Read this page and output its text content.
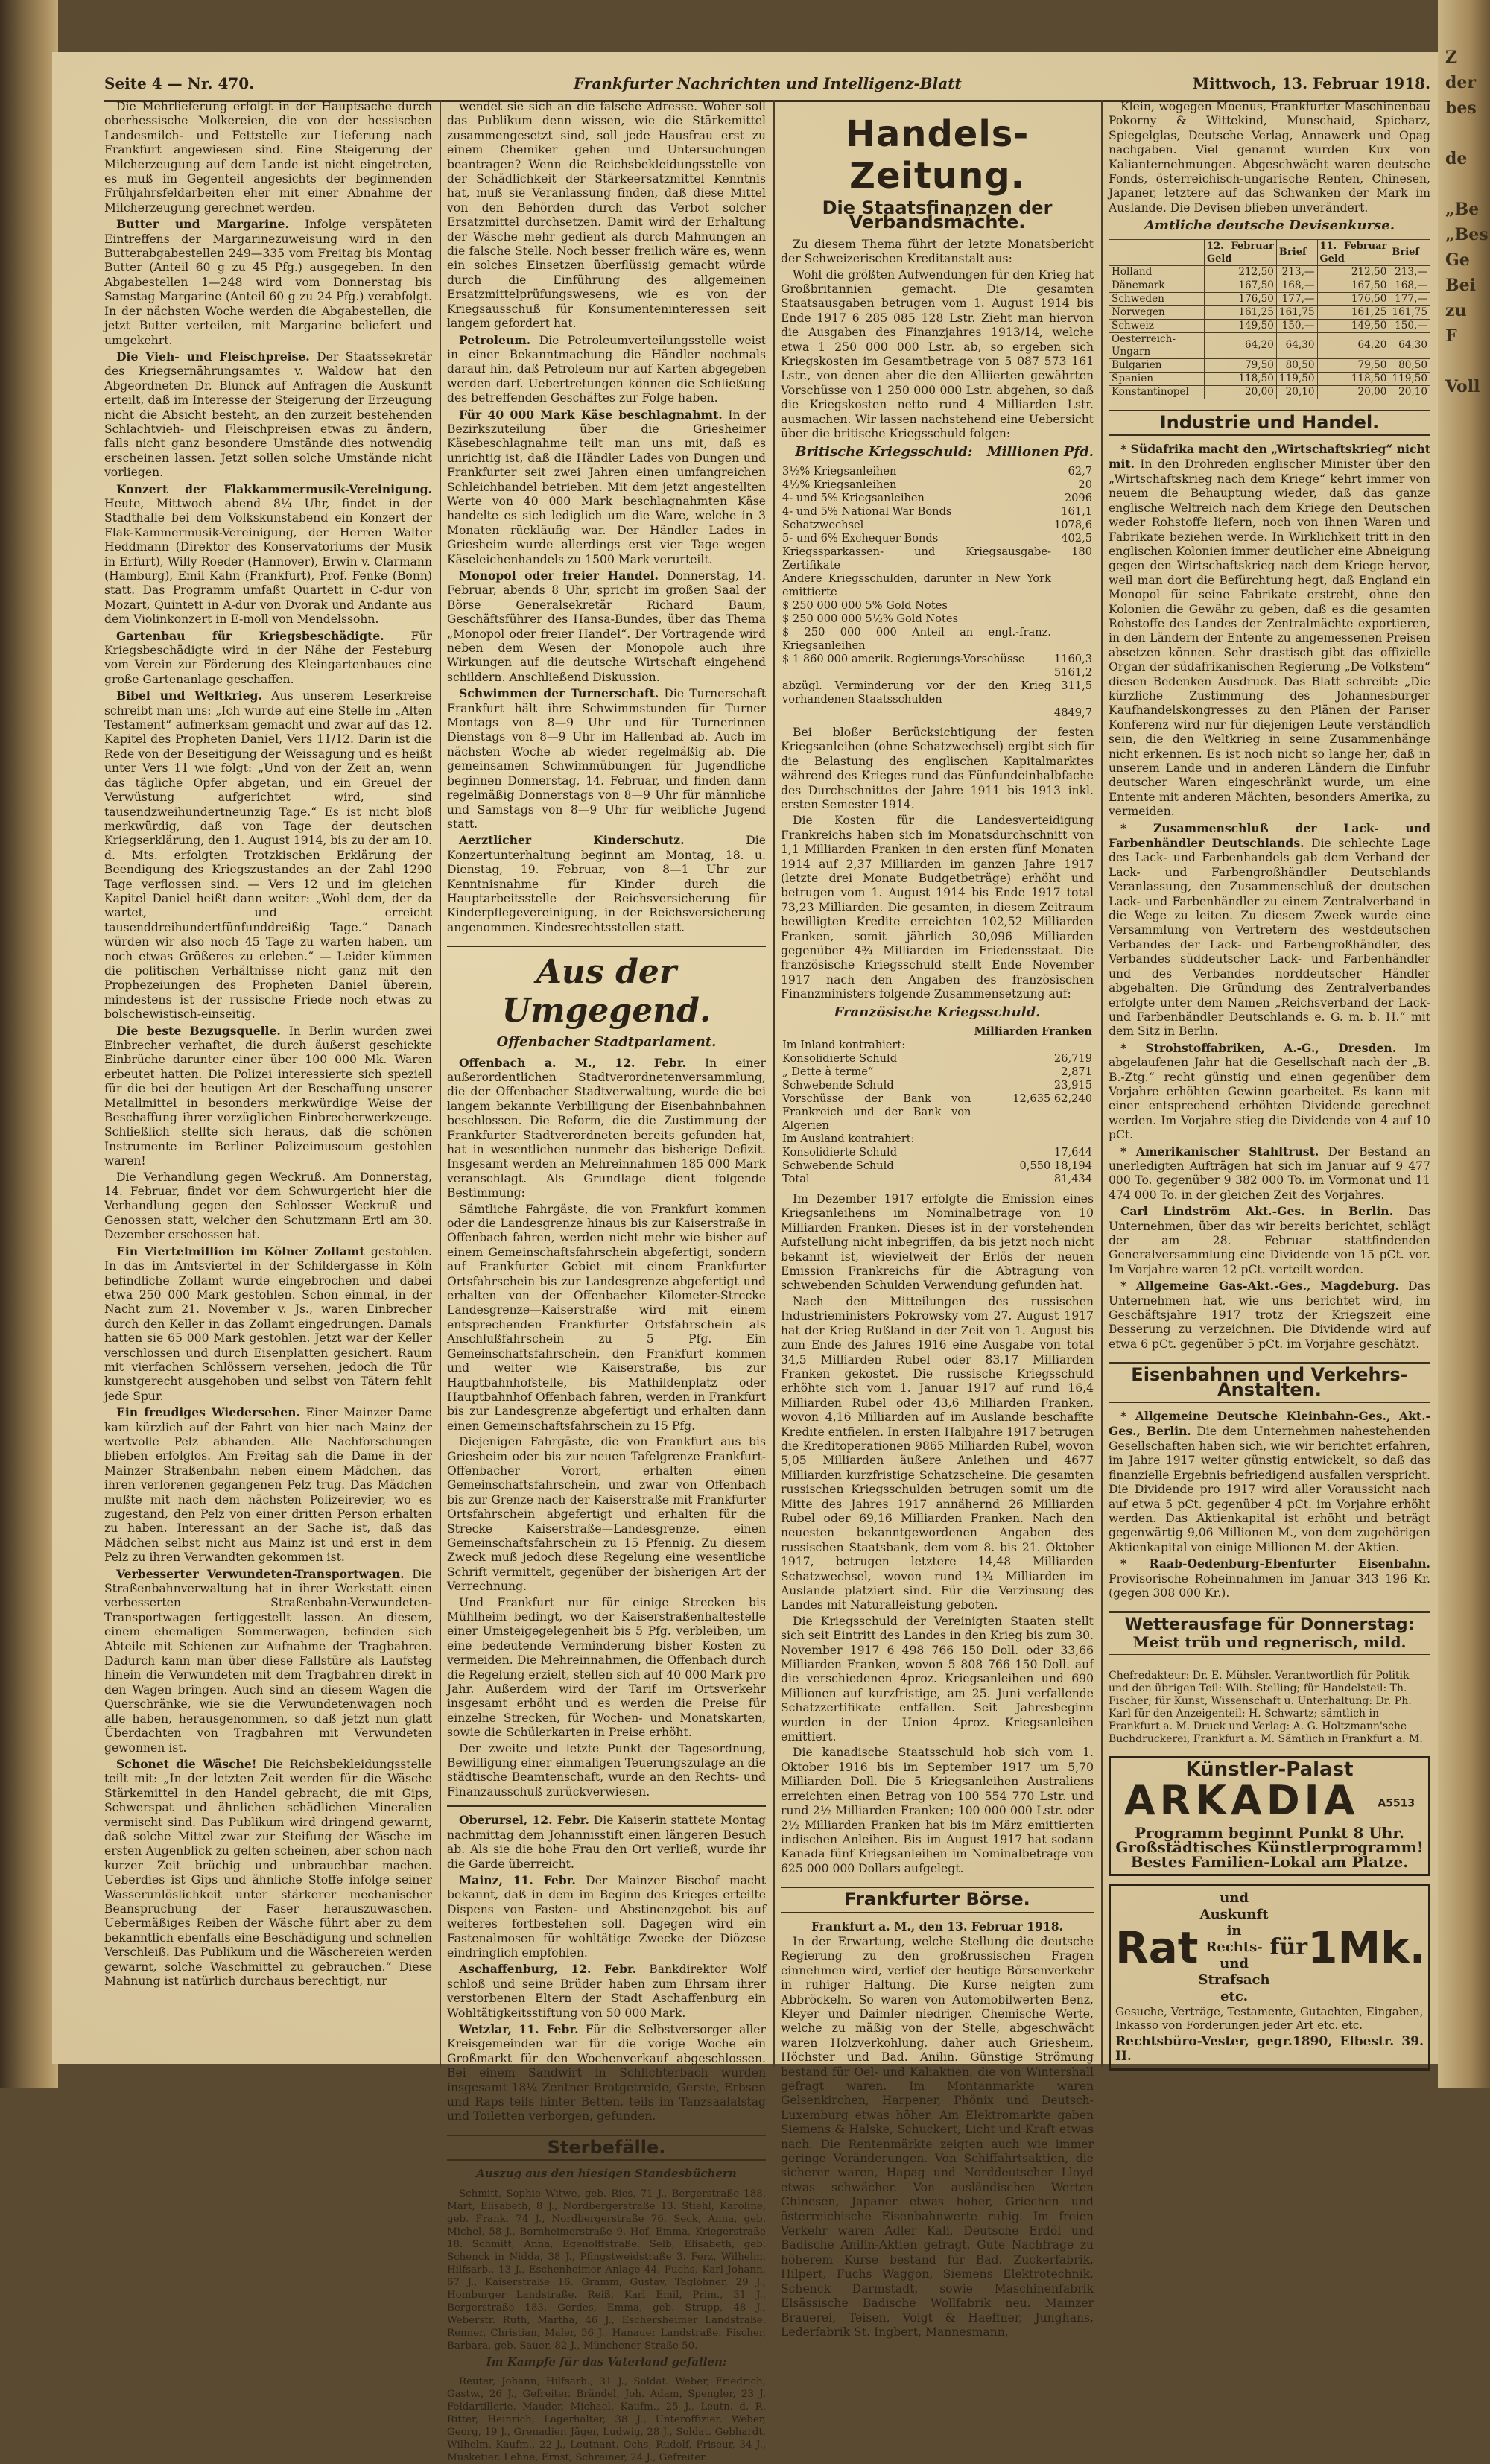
Z
der
bes

de

„Be
„Bes
Ge
Bei
zu
F

Voll
Seite 4 — Nr. 470.	Frankfurter Nachrichten und Intelligenz-Blatt	Mittwoch, 13. Februar 1918.

Die Mehrlieferung erfolgt in der Hauptsache durch oberhessische Molkereien, die von der hessischen Landesmilch- und Fettstelle zur Lieferung nach Frankfurt angewiesen sind. Eine Steigerung der Milcherzeugung auf dem Lande ist nicht eingetreten, es muß im Gegenteil angesichts der beginnenden Frühjahrsfeldarbeiten eher mit einer Abnahme der Milcherzeugung gerechnet werden.

Butter und Margarine. Infolge verspäteten Eintreffens der Margarinezuweisung wird in den Butterabgabestellen 249—335 vom Freitag bis Montag Butter (Anteil 60 g zu 45 Pfg.) ausgegeben. In den Abgabestellen 1—248 wird vom Donnerstag bis Samstag Margarine (Anteil 60 g zu 24 Pfg.) verabfolgt. In der nächsten Woche werden die Abgabestellen, die jetzt Butter verteilen, mit Margarine beliefert und umgekehrt.

Die Vieh- und Fleischpreise. Der Staatssekretär des Kriegsernährungsamtes v. Waldow hat den Abgeordneten Dr. Blunck auf Anfragen die Auskunft erteilt, daß im Interesse der Steigerung der Erzeugung nicht die Absicht besteht, an den zurzeit bestehenden Schlachtvieh- und Fleischpreisen etwas zu ändern, falls nicht ganz besondere Umstände dies notwendig erscheinen lassen. Jetzt sollen solche Umstände nicht vorliegen.

Konzert der Flakkammermusik-Vereinigung. Heute, Mittwoch abend 8¼ Uhr, findet in der Stadthalle bei dem Volkskunstabend ein Konzert der Flak-Kammermusik-Vereinigung, der Herren Walter Heddmann (Direktor des Konservatoriums der Musik in Erfurt), Willy Roeder (Hannover), Erwin v. Clarmann (Hamburg), Emil Kahn (Frankfurt), Prof. Fenke (Bonn) statt. Das Programm umfaßt Quartett in C-dur von Mozart, Quintett in A-dur von Dvorak und Andante aus dem Violinkonzert in E-moll von Mendelssohn.

Gartenbau für Kriegsbeschädigte. Für Kriegsbeschädigte wird in der Nähe der Festeburg vom Verein zur Förderung des Kleingartenbaues eine große Gartenanlage geschaffen.

Bibel und Weltkrieg. Aus unserem Leserkreise schreibt man uns: „Ich wurde auf eine Stelle im „Alten Testament“ aufmerksam gemacht und zwar auf das 12. Kapitel des Propheten Daniel, Vers 11/12. Darin ist die Rede von der Beseitigung der Weissagung und es heißt unter Vers 11 wie folgt: „Und von der Zeit an, wenn das tägliche Opfer abgetan, und ein Greuel der Verwüstung aufgerichtet wird, sind tausendzweihundertneunzig Tage.“ Es ist nicht bloß merkwürdig, daß von Tage der deutschen Kriegserklärung, den 1. August 1914, bis zu der am 10. d. Mts. erfolgten Trotzkischen Erklärung der Beendigung des Kriegszustandes an der Zahl 1290 Tage verflossen sind. — Vers 12 und im gleichen Kapitel Daniel heißt dann weiter: „Wohl dem, der da wartet, und erreicht tausenddreihundertfünfunddreißig Tage.“ Danach würden wir also noch 45 Tage zu warten haben, um noch etwas Größeres zu erleben.“ — Leider kümmen die politischen Verhältnisse nicht ganz mit den Prophezeiungen des Propheten Daniel überein, mindestens ist der russische Friede noch etwas zu bolschewistisch-einseitig.

Die beste Bezugsquelle. In Berlin wurden zwei Einbrecher verhaftet, die durch äußerst geschickte Einbrüche darunter einer über 100 000 Mk. Waren erbeutet hatten. Die Polizei interessierte sich speziell für die bei der heutigen Art der Beschaffung unserer Metallmittel in besonders merkwürdige Weise der Beschaffung ihrer vorzüglichen Einbrecherwerkzeuge. Schließlich stellte sich heraus, daß die schönen Instrumente im Berliner Polizeimuseum gestohlen waren!

Die Verhandlung gegen Weckruß. Am Donnerstag, 14. Februar, findet vor dem Schwurgericht hier die Verhandlung gegen den Schlosser Weckruß und Genossen statt, welcher den Schutzmann Ertl am 30. Dezember erschossen hat.

Ein Viertelmillion im Kölner Zollamt gestohlen. In das im Amtsviertel in der Schildergasse in Köln befindliche Zollamt wurde eingebrochen und dabei etwa 250 000 Mark gestohlen. Schon einmal, in der Nacht zum 21. November v. Js., waren Einbrecher durch den Keller in das Zollamt eingedrungen. Damals hatten sie 65 000 Mark gestohlen. Jetzt war der Keller verschlossen und durch Eisenplatten gesichert. Raum mit vierfachen Schlössern versehen, jedoch die Tür kunstgerecht ausgehoben und selbst von Tätern fehlt jede Spur.

Ein freudiges Wiedersehen. Einer Mainzer Dame kam kürzlich auf der Fahrt von hier nach Mainz der wertvolle Pelz abhanden. Alle Nachforschungen blieben erfolglos. Am Freitag sah die Dame in der Mainzer Straßenbahn neben einem Mädchen, das ihren verlorenen gegangenen Pelz trug. Das Mädchen mußte mit nach dem nächsten Polizeirevier, wo es zugestand, den Pelz von einer dritten Person erhalten zu haben. Interessant an der Sache ist, daß das Mädchen selbst nicht aus Mainz ist und erst in dem Pelz zu ihren Verwandten gekommen ist.

Verbesserter Verwundeten-Transportwagen. Die Straßenbahnverwaltung hat in ihrer Werkstatt einen verbesserten Straßenbahn-Verwundeten-Transportwagen fertiggestellt lassen. An diesem, einem ehemaligen Sommerwagen, befinden sich Abteile mit Schienen zur Aufnahme der Tragbahren. Dadurch kann man über diese Fallstüre als Laufsteg hinein die Verwundeten mit dem Tragbahren direkt in den Wagen bringen. Auch sind an diesem Wagen die Querschränke, wie sie die Verwundetenwagen noch alle haben, herausgenommen, so daß jetzt nun glatt Überdachten von Tragbahren mit Verwundeten gewonnen ist.

Schonet die Wäsche! Die Reichsbekleidungsstelle teilt mit: „In der letzten Zeit werden für die Wäsche Stärkemittel in den Handel gebracht, die mit Gips, Schwerspat und ähnlichen schädlichen Mineralien vermischt sind. Das Publikum wird dringend gewarnt, daß solche Mittel zwar zur Steifung der Wäsche im ersten Augenblick zu gelten scheinen, aber schon nach kurzer Zeit brüchig und unbrauchbar machen. Ueberdies ist Gips und ähnliche Stoffe infolge seiner Wasserunlöslichkeit unter stärkerer mechanischer Beanspruchung der Faser herauszuwaschen. Uebermäßiges Reiben der Wäsche führt aber zu dem bekanntlich ebenfalls eine Beschädigung und schnellen Verschleiß. Das Publikum und die Wäschereien werden gewarnt, solche Waschmittel zu gebrauchen.“ Diese Mahnung ist natürlich durchaus berechtigt, nur

wendet sie sich an die falsche Adresse. Woher soll das Publikum denn wissen, wie die Stärkemittel zusammengesetzt sind, soll jede Hausfrau erst zu einem Chemiker gehen und Untersuchungen beantragen? Wenn die Reichsbekleidungsstelle von der Schädlichkeit der Stärkeersatzmittel Kenntnis hat, muß sie Veranlassung finden, daß diese Mittel von den Behörden durch das Verbot solcher Ersatzmittel durchsetzen. Damit wird der Erhaltung der Wäsche mehr gedient als durch Mahnungen an die falsche Stelle. Noch besser freilich wäre es, wenn ein solches Einsetzen überflüssig gemacht würde durch die Einführung des allgemeinen Ersatzmittelprüfungswesens, wie es von der Kriegsausschuß für Konsumenteninteressen seit langem gefordert hat.

Petroleum. Die Petroleumverteilungsstelle weist in einer Bekanntmachung die Händler nochmals darauf hin, daß Petroleum nur auf Karten abgegeben werden darf. Uebertretungen können die Schließung des betreffenden Geschäftes zur Folge haben.

Für 40 000 Mark Käse beschlagnahmt. In der Bezirkszuteilung über die Griesheimer Käsebeschlagnahme teilt man uns mit, daß es unrichtig ist, daß die Händler Lades von Dungen und Frankfurter seit zwei Jahren einen umfangreichen Schleichhandel betrieben. Mit dem jetzt angestellten Werte von 40 000 Mark beschlagnahmten Käse handelte es sich lediglich um die Ware, welche in 3 Monaten rückläufig war. Der Händler Lades in Griesheim wurde allerdings erst vier Tage wegen Käseleichenhandels zu 1500 Mark verurteilt.

Monopol oder freier Handel. Donnerstag, 14. Februar, abends 8 Uhr, spricht im großen Saal der Börse Generalsekretär Richard Baum, Geschäftsführer des Hansa-Bundes, über das Thema „Monopol oder freier Handel“. Der Vortragende wird neben dem Wesen der Monopole auch ihre Wirkungen auf die deutsche Wirtschaft eingehend schildern. Anschließend Diskussion.

Schwimmen der Turnerschaft. Die Turnerschaft Frankfurt hält ihre Schwimmstunden für Turner Montags von 8—9 Uhr und für Turnerinnen Dienstags von 8—9 Uhr im Hallenbad ab. Auch im nächsten Woche ab wieder regelmäßig ab. Die gemeinsamen Schwimmübungen für Jugendliche beginnen Donnerstag, 14. Februar, und finden dann regelmäßig Donnerstags von 8—9 Uhr für männliche und Samstags von 8—9 Uhr für weibliche Jugend statt.

Aerztlicher Kinderschutz. Die Konzertunterhaltung beginnt am Montag, 18. u. Dienstag, 19. Februar, von 8—1 Uhr zur Kenntnisnahme für Kinder durch die Hauptarbeitsstelle der Reichsversicherung für Kinderpflegevereinigung, in der Reichsversicherung angenommen. Kindesrechtsstellen statt.

Aus der Umgegend.
Offenbacher Stadtparlament.

Offenbach a. M., 12. Febr. In einer außerordentlichen Stadtverordnetenversammlung, die der Offenbacher Stadtverwaltung, wurde die bei langem bekannte Verbilligung der Eisenbahnbahnen beschlossen. Die Reform, die die Zustimmung der Frankfurter Stadtverordneten bereits gefunden hat, hat in wesentlichen nunmehr das bisherige Defizit. Insgesamt werden an Mehreinnahmen 185 000 Mark veranschlagt. Als Grundlage dient folgende Bestimmung:

Sämtliche Fahrgäste, die von Frankfurt kommen oder die Landesgrenze hinaus bis zur Kaiserstraße in Offenbach fahren, werden nicht mehr wie bisher auf einem Gemeinschaftsfahrschein abgefertigt, sondern auf Frankfurter Gebiet mit einem Frankfurter Ortsfahrschein bis zur Landesgrenze abgefertigt und erhalten von der Offenbacher Kilometer-Strecke Landesgrenze—Kaiserstraße wird mit einem entsprechenden Frankfurter Ortsfahrschein als Anschlußfahrschein zu 5 Pfg. Ein Gemeinschaftsfahrschein, den Frankfurt kommen und weiter wie Kaiserstraße, bis zur Hauptbahnhofstelle, bis Mathildenplatz oder Hauptbahnhof Offenbach fahren, werden in Frankfurt bis zur Landesgrenze abgefertigt und erhalten dann einen Gemeinschaftsfahrschein zu 15 Pfg.

Diejenigen Fahrgäste, die von Frankfurt aus bis Griesheim oder bis zur neuen Tafelgrenze Frankfurt-Offenbacher Vorort, erhalten einen Gemeinschaftsfahrschein, und zwar von Offenbach bis zur Grenze nach der Kaiserstraße mit Frankfurter Ortsfahrschein abgefertigt und erhalten für die Strecke Kaiserstraße—Landesgrenze, einen Gemeinschaftsfahrschein zu 15 Pfennig. Zu diesem Zweck muß jedoch diese Regelung eine wesentliche Schrift vermittelt, gegenüber der bisherigen Art der Verrechnung.

Und Frankfurt nur für einige Strecken bis Mühlheim bedingt, wo der Kaiserstraßenhaltestelle einer Umsteigegelegenheit bis 5 Pfg. verbleiben, um eine bedeutende Verminderung bisher Kosten zu vermeiden. Die Mehreinnahmen, die Offenbach durch die Regelung erzielt, stellen sich auf 40 000 Mark pro Jahr. Außerdem wird der Tarif im Ortsverkehr insgesamt erhöht und es werden die Preise für einzelne Strecken, für Wochen- und Monatskarten, sowie die Schülerkarten in Preise erhöht.

Der zweite und letzte Punkt der Tagesordnung, Bewilligung einer einmaligen Teuerungszulage an die städtische Beamtenschaft, wurde an den Rechts- und Finanzausschuß zurückverwiesen.

Oberursel, 12. Febr. Die Kaiserin stattete Montag nachmittag dem Johannisstift einen längeren Besuch ab. Als sie die hohe Frau den Ort verließ, wurde ihr die Garde überreicht.

Mainz, 11. Febr. Der Mainzer Bischof macht bekannt, daß in dem im Beginn des Krieges erteilte Dispens von Fasten- und Abstinenzgebot bis auf weiteres fortbestehen soll. Dagegen wird ein Fastenalmosen für wohltätige Zwecke der Diözese eindringlich empfohlen.

Aschaffenburg, 12. Febr. Bankdirektor Wolf schloß und seine Brüder haben zum Ehrsam ihrer verstorbenen Eltern der Stadt Aschaffenburg ein Wohltätigkeitsstiftung von 50 000 Mark.

Wetzlar, 11. Febr. Für die Selbstversorger aller Kreisgemeinden war für die vorige Woche ein Großmarkt für den Wochenverkauf abgeschlossen. Bei einem Sandwirt in Schlichterbach wurden insgesamt 18¼ Zentner Brotgetreide, Gerste, Erbsen und Raps teils hinter Betten, teils im Tanzsaalalstag und Toiletten verborgen, gefunden.

Sterbefälle.
Auszug aus den hiesigen Standesbüchern

Schmitt, Sophie Witwe, geb. Ries, 71 J., Bergerstraße 188. Mart, Elisabeth, 8 J., Nordbergerstraße 13. Stiehl, Karoline, geb. Frank, 74 J., Nordbergerstraße 76. Seck, Anna, geb. Michel, 58 J., Bornheimerstraße 9. Hof, Emma, Kriegerstraße 18. Schmitt, Anna, Egenolffstraße. Selb, Elisabeth, geb. Schenck in Nidda, 38 J., Pfingstweidstraße 3. Ferz, Wilhelm, Hilfsarb., 13 J., Eschenheimer Anlage 44. Fuchs, Karl Johann, 67 J., Kaiserstraße 16. Gramm, Gustav, Taglöhner, 29 J., Homburger Landstraße. Reiß, Karl Emil, Prim., 31 J., Bergerstraße 183. Gerdes, Emma, geb. Strupp, 48 J., Weberstr. Ruth, Martha, 46 J., Eschersheimer Landstraße. Renner, Christian, Maler, 56 J., Hanauer Landstraße. Fischer, Barbara, geb. Sauer, 82 J., Münchener Straße 50.

Im Kampfe für das Vaterland gefallen:

Reuter, Johann, Hilfsarb., 31 J., Soldat. Weber, Friedrich, Gastw., 26 J., Gefreiter. Brändel, Joh. Adam, Spengler, 23 J. Feldartillerie. Mauder, Michael, Kaufm., 25 J., Leutn. d. R. Ritter, Heinrich, Lagerhalter, 38 J., Unteroffizier. Weber, Georg, 19 J., Grenadier. Jäger, Ludwig, 28 J., Soldat. Gebhardt, Wilhelm, Kaufm., 22 J., Leutnant. Ochs, Rudolf, Friseur, 34 J., Musketier. Lehne, Ernst, Schreiner, 24 J., Gefreiter.

Handels-Zeitung.
Die Staatsfinanzen der Verbandsmächte.

Zu diesem Thema führt der letzte Monatsbericht der Schweizerischen Kreditanstalt aus:

Wohl die größten Aufwendungen für den Krieg hat Großbritannien gemacht. Die gesamten Staatsausgaben betrugen vom 1. August 1914 bis Ende 1917 6 285 085 128 Lstr. Zieht man hiervon die Ausgaben des Finanzjahres 1913/14, welche etwa 1 250 000 000 Lstr. ab, so ergeben sich Kriegskosten im Gesamtbetrage von 5 087 573 161 Lstr., von denen aber die den Alliierten gewährten Vorschüsse von 1 250 000 000 Lstr. abgehen, so daß die Kriegskosten netto rund 4 Milliarden Lstr. ausmachen. Wir lassen nachstehend eine Uebersicht über die britische Kriegsschuld folgen:

Britische Kriegsschuld: Millionen Pfd.
3½% Kriegsanleihen	62,7
4½% Kriegsanleihen	20
4- und 5% Kriegsanleihen	2096
4- und 5% National War Bonds	161,1
Schatzwechsel	1078,6
5- und 6% Exchequer Bonds	402,5
Kriegssparkassen- und Kriegsausgabe-Zertifikate	180
Andere Kriegsschulden, darunter in New York emittierte	
$ 250 000 000 5% Gold Notes	
$ 250 000 000 5½% Gold Notes	
$ 250 000 000 Anteil an engl.-franz. Kriegsanleihen	
$ 1 860 000 amerik. Regierungs-Vorschüsse	1160,3
	5161,2
abzügl. Verminderung vor der den Krieg vorhandenen Staatsschulden	311,5
	4849,7

Bei bloßer Berücksichtigung der festen Kriegsanleihen (ohne Schatzwechsel) ergibt sich für die Belastung des englischen Kapitalmarktes während des Krieges rund das Fünfundeinhalbfache des Durchschnittes der Jahre 1911 bis 1913 inkl. ersten Semester 1914.

Die Kosten für die Landesverteidigung Frankreichs haben sich im Monatsdurchschnitt von 1,1 Milliarden Franken in den ersten fünf Monaten 1914 auf 2,37 Milliarden im ganzen Jahre 1917 (letzte drei Monate Budgetbeträge) erhöht und betrugen vom 1. August 1914 bis Ende 1917 total 73,23 Milliarden. Die gesamten, in diesem Zeitraum bewilligten Kredite erreichten 102,52 Milliarden Franken, somit jährlich 30,096 Milliarden gegenüber 4¾ Milliarden im Friedensstaat. Die französische Kriegsschuld stellt Ende November 1917 nach den Angaben des französischen Finanzministers folgende Zusammensetzung auf:

Französische Kriegsschuld.
	Milliarden Franken
Im Inland kontrahiert:	
Konsolidierte Schuld	26,719
„ Dette à terme“	2,871
Schwebende Schuld	23,915
Vorschüsse der Bank von Frankreich und der Bank von Algerien	12,635 62,240
Im Ausland kontrahiert:	
Konsolidierte Schuld	17,644
Schwebende Schuld	0,550 18,194
Total	81,434

Im Dezember 1917 erfolgte die Emission eines Kriegsanleihens im Nominalbetrage von 10 Milliarden Franken. Dieses ist in der vorstehenden Aufstellung nicht inbegriffen, da bis jetzt noch nicht bekannt ist, wievielweit der Erlös der neuen Emission Frankreichs für die Abtragung von schwebenden Schulden Verwendung gefunden hat.

Nach den Mitteilungen des russischen Industrieministers Pokrowsky vom 27. August 1917 hat der Krieg Rußland in der Zeit von 1. August bis zum Ende des Jahres 1916 eine Ausgabe von total 34,5 Milliarden Rubel oder 83,17 Milliarden Franken gekostet. Die russische Kriegsschuld erhöhte sich vom 1. Januar 1917 auf rund 16,4 Milliarden Rubel oder 43,6 Milliarden Franken, wovon 4,16 Milliarden auf im Auslande beschaffte Kredite entfielen. In ersten Halbjahre 1917 betrugen die Kreditoperationen 9865 Milliarden Rubel, wovon 5,05 Milliarden äußere Anleihen und 4677 Milliarden kurzfristige Schatzscheine. Die gesamten russischen Kriegsschulden betrugen somit um die Mitte des Jahres 1917 annähernd 26 Milliarden Rubel oder 69,16 Milliarden Franken. Nach den neuesten bekanntgewordenen Angaben des russischen Staatsbank, dem vom 8. bis 21. Oktober 1917, betrugen letztere 14,48 Milliarden Schatzwechsel, wovon rund 1¾ Milliarden im Auslande platziert sind. Für die Verzinsung des Landes mit Naturalleistung geboten.

Die Kriegsschuld der Vereinigten Staaten stellt sich seit Eintritt des Landes in den Krieg bis zum 30. November 1917 6 498 766 150 Doll. oder 33,66 Milliarden Franken, wovon 5 808 766 150 Doll. auf die verschiedenen 4proz. Kriegsanleihen und 690 Millionen auf kurzfristige, am 25. Juni verfallende Schatzzertifikate entfallen. Seit Jahresbeginn wurden in der Union 4proz. Kriegsanleihen emittiert.

Die kanadische Staatsschuld hob sich vom 1. Oktober 1916 bis im September 1917 um 5,70 Milliarden Doll. Die 5 Kriegsanleihen Australiens erreichten einen Betrag von 100 554 770 Lstr. und rund 2½ Milliarden Franken; 100 000 000 Lstr. oder 2½ Milliarden Franken hat bis im März emittierten indischen Anleihen. Bis im August 1917 hat sodann Kanada fünf Kriegsanleihen im Nominalbetrage von 625 000 000 Dollars aufgelegt.

Frankfurter Börse.

Frankfurt a. M., den 13. Februar 1918.

In der Erwartung, welche Stellung die deutsche Regierung zu den großrussischen Fragen einnehmen wird, verlief der heutige Börsenverkehr in ruhiger Haltung. Die Kurse neigten zum Abbröckeln. So waren von Automobilwerten Benz, Kleyer und Daimler niedriger. Chemische Werte, welche zu mäßig von der Stelle, abgeschwächt waren Holzverkohlung, daher auch Griesheim, Höchster und Bad. Anilin. Günstige Strömung bestand für Oel- und Kaliaktien, die von Wintershall gefragt waren. Im Montanmarkte waren Gelsenkirchen, Harpener, Phönix und Deutsch-Luxemburg etwas höher. Am Elektromarkte gaben Siemens & Halske, Schuckert, Licht und Kraft etwas nach. Die Rentenmärkte zeigten auch wie immer geringe Veränderungen. Von Schiffahrtsaktien, die sicherer waren, Hapag und Norddeutscher Lloyd etwas schwächer. Von ausländischen Werten Chinesen, Japaner etwas höher, Griechen und österreichische Eisenbahnwerte ruhig. Im freien Verkehr waren Adler Kali, Deutsche Erdöl und Badische Anilin-Aktien gefragt. Gute Nachfrage zu höherem Kurse bestand für Bad. Zuckerfabrik, Hilpert, Fuchs Waggon, Siemens Elektrotechnik, Schenck Darmstadt, sowie Maschinenfabrik Elsässische Badische Wollfabrik neu. Mainzer Brauerei, Teisen, Voigt & Haeffner, Junghans, Lederfabrik St. Ingbert, Mannesmann,

Klein, wogegen Moenus, Frankfurter Maschinenbau Pokorny & Wittekind, Munschaid, Spicharz, Spiegelglas, Deutsche Verlag, Annawerk und Opag nachgaben. Viel genannt wurden Kux von Kalianternehmungen. Abgeschwächt waren deutsche Fonds, österreichisch-ungarische Renten, Chinesen, Japaner, letztere auf das Schwanken der Mark im Auslande. Die Devisen blieben unverändert.

Amtliche deutsche Devisenkurse.
	12. Februar Geld	Brief	11. Februar Geld	Brief
Holland	212,50	213,—	212,50	213,—
Dänemark	167,50	168,—	167,50	168,—
Schweden	176,50	177,—	176,50	177,—
Norwegen	161,25	161,75	161,25	161,75
Schweiz	149,50	150,—	149,50	150,—
Oesterreich-Ungarn	64,20	64,30	64,20	64,30
Bulgarien	79,50	80,50	79,50	80,50
Spanien	118,50	119,50	118,50	119,50
Konstantinopel	20,00	20,10	20,00	20,10
Industrie und Handel.

* Südafrika macht den „Wirtschaftskrieg“ nicht mit. In den Drohreden englischer Minister über den „Wirtschaftskrieg nach dem Kriege“ kehrt immer von neuem die Behauptung wieder, daß das ganze englische Weltreich nach dem Kriege den Deutschen weder Rohstoffe liefern, noch von ihnen Waren und Fabrikate beziehen werde. In Wirklichkeit tritt in den englischen Kolonien immer deutlicher eine Abneigung gegen den Wirtschaftskrieg nach dem Kriege hervor, weil man dort die Befürchtung hegt, daß England ein Monopol für seine Fabrikate erstrebt, ohne den Kolonien die Gewähr zu geben, daß es die gesamten Rohstoffe des Landes der Zentralmächte exportieren, in den Ländern der Entente zu angemessenen Preisen absetzen können. Sehr drastisch gibt das offizielle Organ der südafrikanischen Regierung „De Volkstem“ diesen Bedenken Ausdruck. Das Blatt schreibt: „Die kürzliche Zustimmung des Johannesburger Kaufhandelskongresses zu den Plänen der Pariser Konferenz wird nur für diejenigen Leute verständlich sein, die den Weltkrieg in seine Zusammenhänge nicht erkennen. Es ist noch nicht so lange her, daß in unserem Lande und in anderen Ländern die Einfuhr deutscher Waren eingeschränkt wurde, um eine Entente mit anderen Mächten, besonders Amerika, zu vermeiden.

* Zusammenschluß der Lack- und Farbenhändler Deutschlands. Die schlechte Lage des Lack- und Farbenhandels gab dem Verband der Lack- und Farbengroßhändler Deutschlands Veranlassung, den Zusammenschluß der deutschen Lack- und Farbenhändler zu einem Zentralverband in die Wege zu leiten. Zu diesem Zweck wurde eine Versammlung von Vertretern des westdeutschen Verbandes der Lack- und Farbengroßhändler, des Verbandes süddeutscher Lack- und Farbenhändler und des Verbandes norddeutscher Händler abgehalten. Die Gründung des Zentralverbandes erfolgte unter dem Namen „Reichsverband der Lack- und Farbenhändler Deutschlands e. G. m. b. H.“ mit dem Sitz in Berlin.

* Strohstoffabriken, A.-G., Dresden. Im abgelaufenen Jahr hat die Gesellschaft nach der „B. B.-Ztg.“ recht günstig und einen gegenüber dem Vorjahre erhöhten Gewinn gearbeitet. Es kann mit einer entsprechend erhöhten Dividende gerechnet werden. Im Vorjahre stieg die Dividende von 4 auf 10 pCt.

* Amerikanischer Stahltrust. Der Bestand an unerledigten Aufträgen hat sich im Januar auf 9 477 000 To. gegenüber 9 382 000 To. im Vormonat und 11 474 000 To. in der gleichen Zeit des Vorjahres.

Carl Lindström Akt.-Ges. in Berlin. Das Unternehmen, über das wir bereits berichtet, schlägt der am 28. Februar stattfindenden Generalversammlung eine Dividende von 15 pCt. vor. Im Vorjahre waren 12 pCt. verteilt worden.

* Allgemeine Gas-Akt.-Ges., Magdeburg. Das Unternehmen hat, wie uns berichtet wird, im Geschäftsjahre 1917 trotz der Kriegszeit eine Besserung zu verzeichnen. Die Dividende wird auf etwa 6 pCt. gegenüber 5 pCt. im Vorjahre geschätzt.

Eisenbahnen und Verkehrs-Anstalten.

* Allgemeine Deutsche Kleinbahn-Ges., Akt.-Ges., Berlin. Die dem Unternehmen nahestehenden Gesellschaften haben sich, wie wir berichtet erfahren, im Jahre 1917 weiter günstig entwickelt, so daß das finanzielle Ergebnis befriedigend ausfallen verspricht. Die Dividende pro 1917 wird aller Voraussicht nach auf etwa 5 pCt. gegenüber 4 pCt. im Vorjahre erhöht werden. Das Aktienkapital ist erhöht und beträgt gegenwärtig 9,06 Millionen M., von dem zugehörigen Aktienkapital von einige Millionen M. der Aktien.

* Raab-Oedenburg-Ebenfurter Eisenbahn. Provisorische Roheinnahmen im Januar 343 196 Kr. (gegen 308 000 Kr.).

Wetterausfage für Donnerstag:
Meist trüb und regnerisch, mild.
Chefredakteur: Dr. E. Mühsler. Verantwortlich für Politik und den übrigen Teil: Wilh. Stelling; für Handelsteil: Th. Fischer; für Kunst, Wissenschaft u. Unterhaltung: Dr. Ph. Karl für den Anzeigenteil: H. Schwartz; sämtlich in Frankfurt a. M. Druck und Verlag: A. G. Holtzmann'sche Buchdruckerei, Frankfurt a. M. Sämtlich in Frankfurt a. M.
Künstler-Palast
ARKADIA A5513
Programm beginnt Punkt 8 Uhr.
Großstädtisches Künstlerprogramm!
Bestes Familien-Lokal am Platze.
Rat
und Auskunft
in Rechts- und
Strafsach etc.
für 1Mk.
Gesuche, Verträge, Testamente, Gutachten, Eingaben, Inkasso von Forderungen jeder Art etc. etc.
Rechtsbüro-Vester, gegr.1890, Elbestr. 39. II.
